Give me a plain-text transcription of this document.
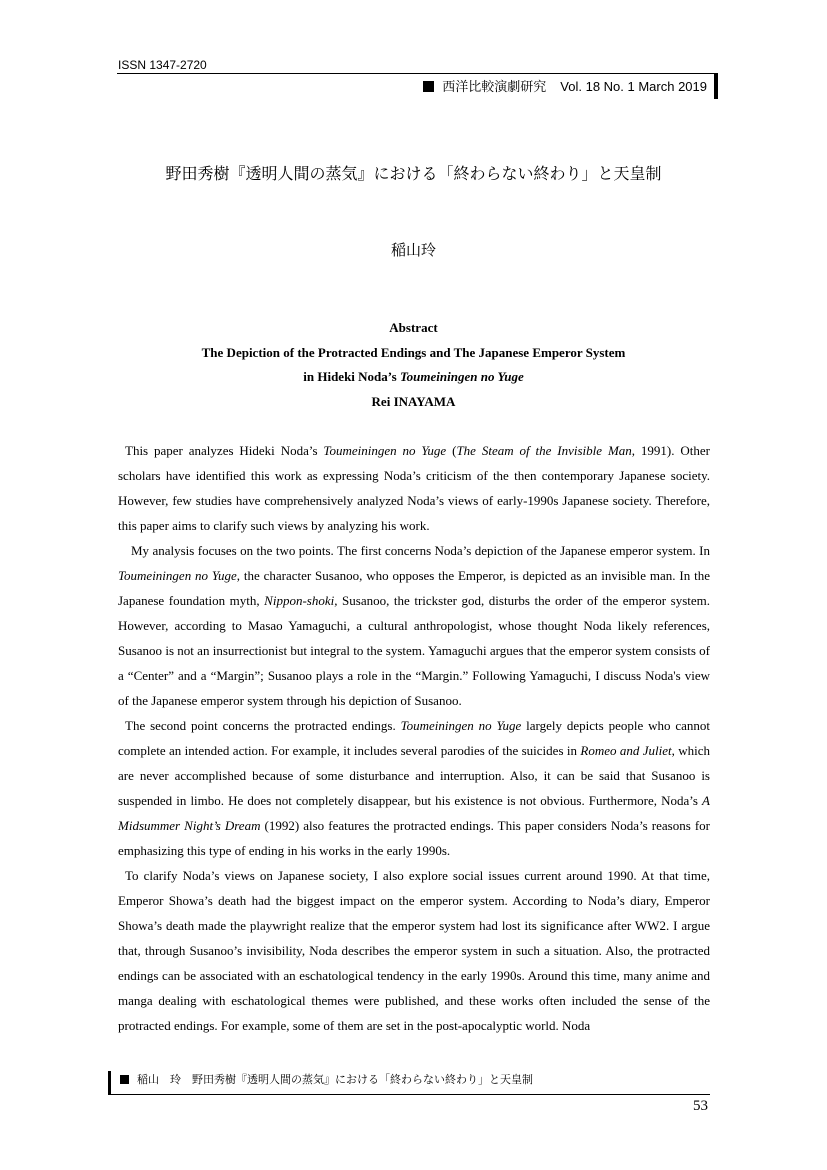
ISSN 1347-2720
西洋比較演劇研究 Vol. 18 No. 1 March 2019
野田秀樹『透明人間の蒸気』における「終わらない終わり」と天皇制
稲山玲
Abstract
The Depiction of the Protracted Endings and The Japanese Emperor System
in Hideki Noda’s Toumeiningen no Yuge
Rei INAYAMA

This paper analyzes Hideki Noda’s Toumeiningen no Yuge (The Steam of the Invisible Man, 1991). Other scholars have identified this work as expressing Noda’s criticism of the then contemporary Japanese society. However, few studies have comprehensively analyzed Noda’s views of early-1990s Japanese society. Therefore, this paper aims to clarify such views by analyzing his work.

My analysis focuses on the two points. The first concerns Noda’s depiction of the Japanese emperor system. In Toumeiningen no Yuge, the character Susanoo, who opposes the Emperor, is depicted as an invisible man. In the Japanese foundation myth, Nippon-shoki, Susanoo, the trickster god, disturbs the order of the emperor system. However, according to Masao Yamaguchi, a cultural anthropologist, whose thought Noda likely references, Susanoo is not an insurrectionist but integral to the system. Yamaguchi argues that the emperor system consists of a “Center” and a “Margin”; Susanoo plays a role in the “Margin.” Following Yamaguchi, I discuss Noda's view of the Japanese emperor system through his depiction of Susanoo.

The second point concerns the protracted endings. Toumeiningen no Yuge largely depicts people who cannot complete an intended action. For example, it includes several parodies of the suicides in Romeo and Juliet, which are never accomplished because of some disturbance and interruption. Also, it can be said that Susanoo is suspended in limbo. He does not completely disappear, but his existence is not obvious. Furthermore, Noda’s A Midsummer Night’s Dream (1992) also features the protracted endings. This paper considers Noda’s reasons for emphasizing this type of ending in his works in the early 1990s.

To clarify Noda’s views on Japanese society, I also explore social issues current around 1990. At that time, Emperor Showa’s death had the biggest impact on the emperor system. According to Noda’s diary, Emperor Showa’s death made the playwright realize that the emperor system had lost its significance after WW2. I argue that, through Susanoo’s invisibility, Noda describes the emperor system in such a situation. Also, the protracted endings can be associated with an eschatological tendency in the early 1990s. Around this time, many anime and manga dealing with eschatological themes were published, and these works often included the sense of the protracted endings. For example, some of them are set in the post-apocalyptic world. Noda

稲山　玲　野田秀樹『透明人間の蒸気』における「終わらない終わり」と天皇制
53
